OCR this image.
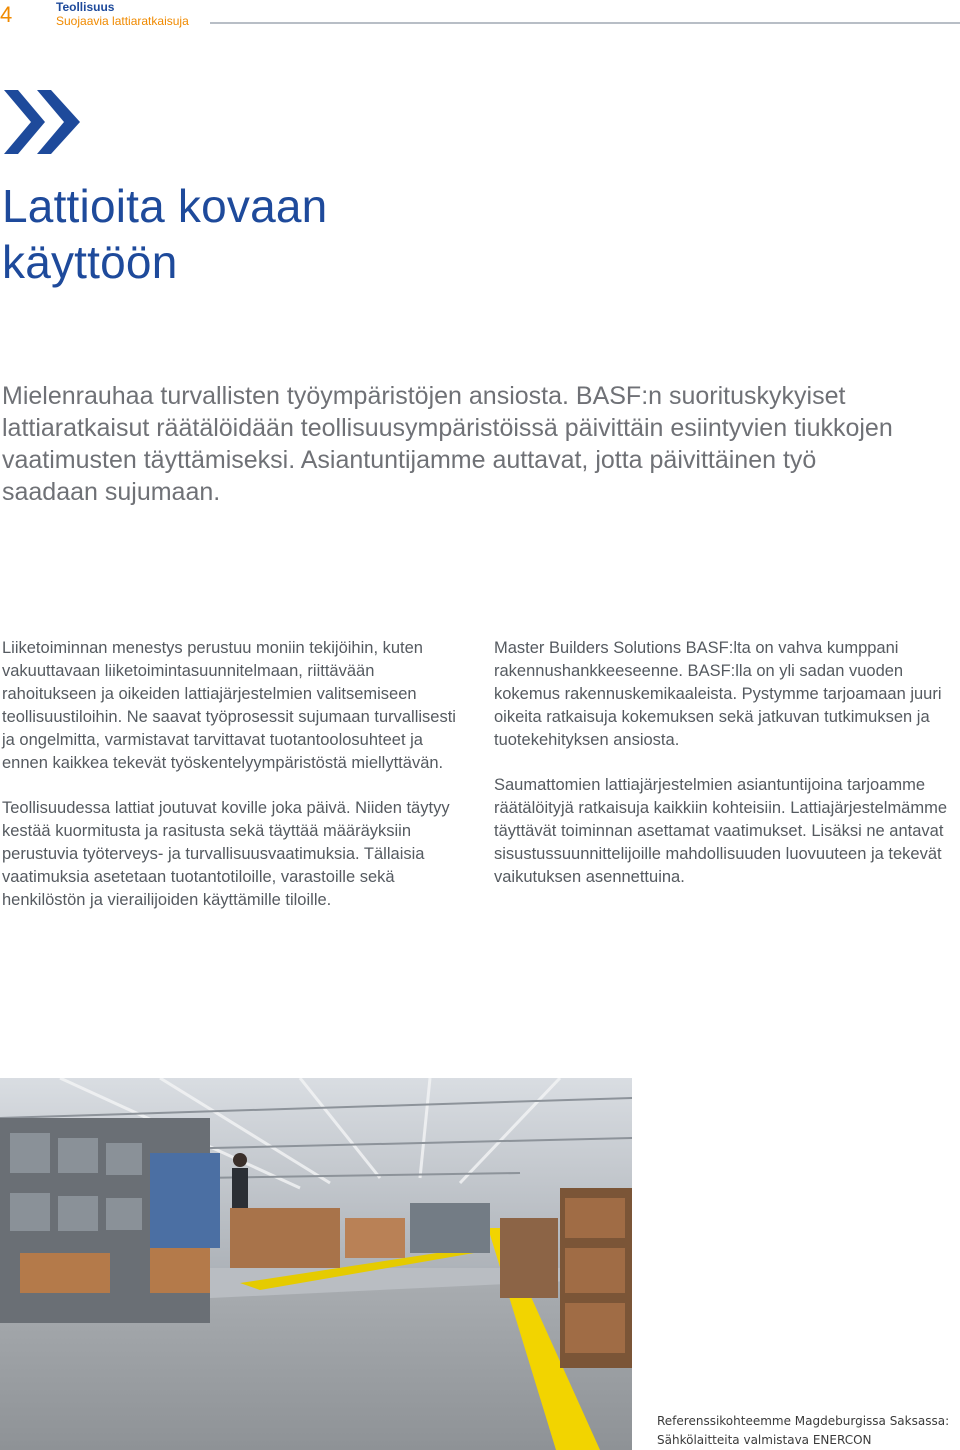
4	Teollisuus
Suojaavia lattiaratkaisuja
Lattioita kovaan
käyttöön

Mielenrauhaa turvallisten työympäristöjen ansiosta. BASF:n suorituskykyiset lattiaratkaisut räätälöidään teollisuusympäristöissä päivittäin esiintyvien tiukkojen vaatimusten täyttämiseksi. Asiantuntijamme auttavat, jotta päivittäinen työ saadaan sujumaan.

Liiketoiminnan menestys perustuu moniin tekijöihin, kuten vakuuttavaan liiketoimintasuunnitelmaan, riittävään rahoitukseen ja oikeiden lattiajärjestelmien valitsemiseen teollisuustiloihin. Ne saavat työprosessit sujumaan turvallisesti ja ongelmitta, varmistavat tarvittavat tuotantoolosuhteet ja ennen kaikkea tekevät työskentelyympäristöstä miellyttävän.

Teollisuudessa lattiat joutuvat koville joka päivä. Niiden täytyy kestää kuormitusta ja rasitusta sekä täyttää määräyksiin perustuvia työterveys- ja turvallisuusvaatimuksia. Tällaisia vaatimuksia asetetaan tuotantotiloille, varastoille sekä henkilöstön ja vierailijoiden käyttämille tiloille.

Master Builders Solutions BASF:lta on vahva kumppani rakennushankkeeseenne. BASF:lla on yli sadan vuoden kokemus rakennuskemikaaleista. Pystymme tarjoamaan juuri oikeita ratkaisuja kokemuksen sekä jatkuvan tutkimuksen ja tuotekehityksen ansiosta.

Saumattomien lattiajärjestelmien asiantuntijoina tarjoamme räätälöityjä ratkaisuja kaikkiin kohteisiin. Lattiajärjestelmämme täyttävät toiminnan asettamat vaatimukset. Lisäksi ne antavat sisustussuunnittelijoille mahdollisuuden luovuuteen ja tekevät vaikutuksen asennettuina.

Referenssikohteemme Magdeburgissa Saksassa:
Sähkölaitteita valmistava ENERCON
